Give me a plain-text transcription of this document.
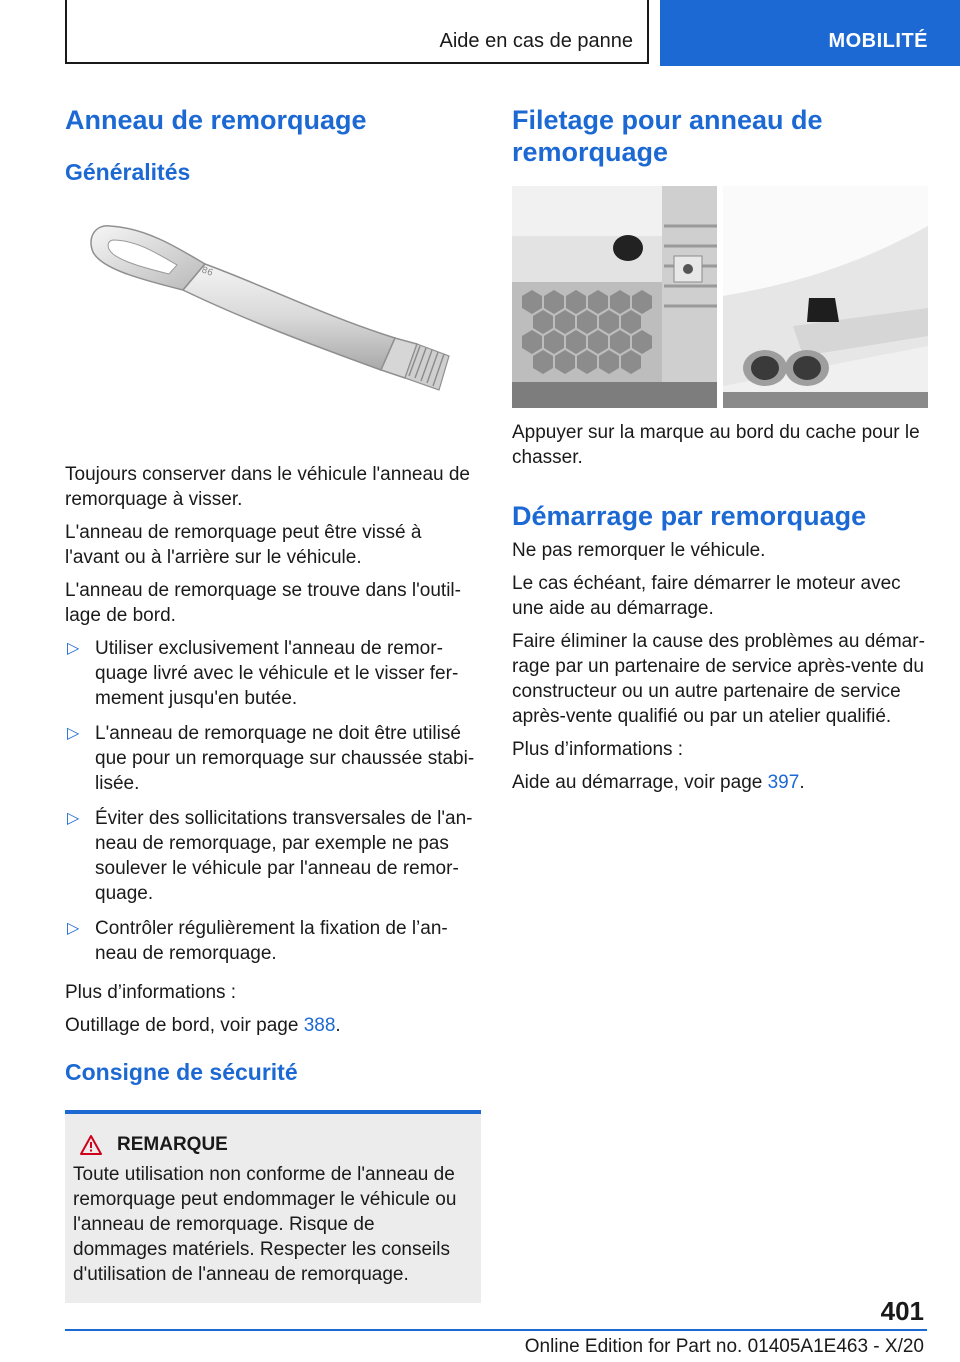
Aide en cas de panne	MOBILITÉ
Anneau de remorquage
Généralités
86

Toujours conserver dans le véhicule l'anneau de remorquage à visser.

L'anneau de remorquage peut être vissé à l'avant ou à l'arrière sur le véhicule.

L'anneau de remorquage se trouve dans l'outillage de bord.

▷ Utiliser exclusivement l'anneau de remorquage livré avec le véhicule et le visser fermement jusqu'en butée.
▷ L'anneau de remorquage ne doit être utilisé que pour un remorquage sur chaussée stabilisée.
▷ Éviter des sollicitations transversales de l'anneau de remorquage, par exemple ne pas soulever le véhicule par l'anneau de remorquage.
▷ Contrôler régulièrement la fixation de l’anneau de remorquage.

Plus d’informations :

Outillage de bord, voir page 388.

Consigne de sécurité
REMARQUE

Toute utilisation non conforme de l'anneau de remorquage peut endommager le véhicule ou l'anneau de remorquage. Risque de dommages matériels. Respecter les conseils d'utilisation de l'anneau de remorquage.

Filetage pour anneau de remorquage

Appuyer sur la marque au bord du cache pour le chasser.

Démarrage par remorquage

Ne pas remorquer le véhicule.

Le cas échéant, faire démarrer le moteur avec une aide au démarrage.

Faire éliminer la cause des problèmes au démarrage par un partenaire de service après-vente du constructeur ou un autre partenaire de service après-vente qualifié ou par un atelier qualifié.

Plus d’informations :

Aide au démarrage, voir page 397.

401
Online Edition for Part no. 01405A1E463 - X/20
